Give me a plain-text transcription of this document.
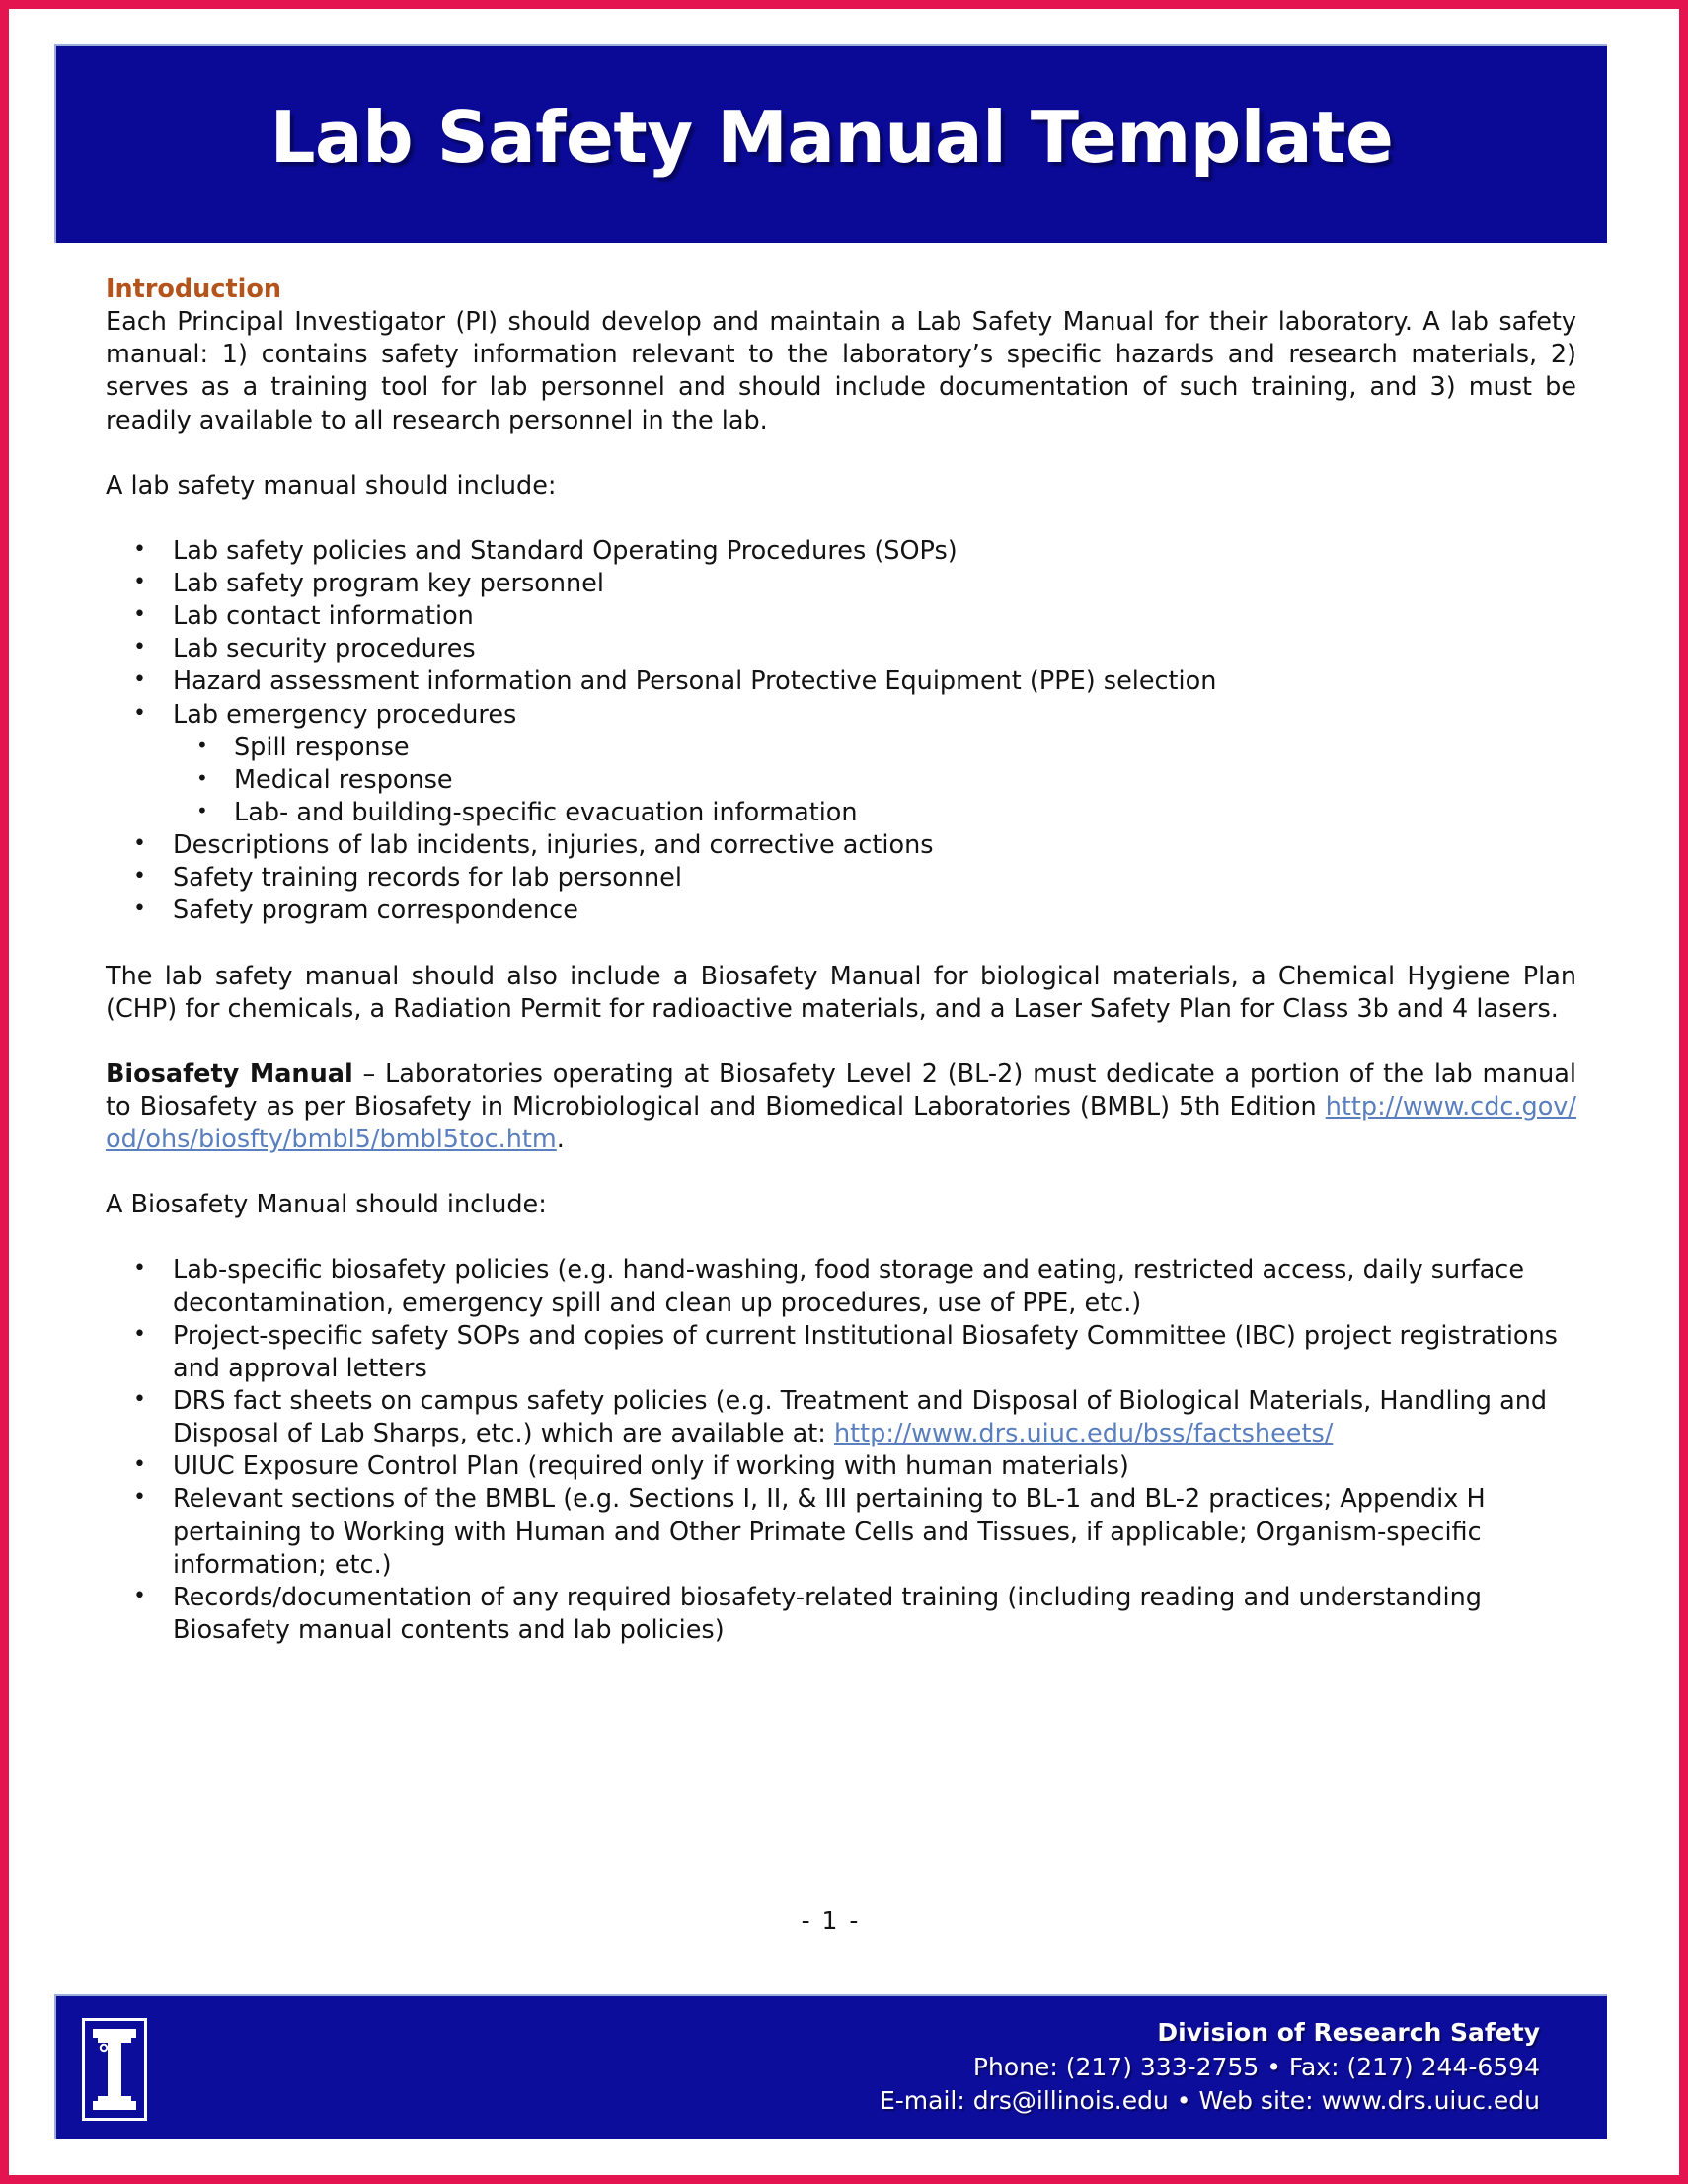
Lab Safety Manual Template

Introduction

Each Principal Investigator (PI) should develop and maintain a Lab Safety Manual for their laboratory. A lab safety manual: 1) contains safety information relevant to the laboratory’s specific hazards and research materials, 2) serves as a training tool for lab personnel and should include documentation of such training, and 3) must be readily available to all research personnel in the lab.

A lab safety manual should include:

• Lab safety policies and Standard Operating Procedures (SOPs)
• Lab safety program key personnel
• Lab contact information
• Lab security procedures
• Hazard assessment information and Personal Protective Equipment (PPE) selection
• Lab emergency procedures
• Spill response
• Medical response
• Lab- and building-specific evacuation information
• Descriptions of lab incidents, injuries, and corrective actions
• Safety training records for lab personnel
• Safety program correspondence

The lab safety manual should also include a Biosafety Manual for biological materials, a Chemical Hygiene Plan (CHP) for chemicals, a Radiation Permit for radioactive materials, and a Laser Safety Plan for Class 3b and 4 lasers.

Biosafety Manual – Laboratories operating at Biosafety Level 2 (BL-2) must dedicate a portion of the lab manual to Biosafety as per Biosafety in Microbiological and Biomedical Laboratories (BMBL) 5th Edition http://www.cdc.gov/od/ohs/biosfty/bmbl5/bmbl5toc.htm.

A Biosafety Manual should include:

• Lab-specific biosafety policies (e.g. hand-washing, food storage and eating, restricted access, daily surface decontamination, emergency spill and clean up procedures, use of PPE, etc.)
• Project-specific safety SOPs and copies of current Institutional Biosafety Committee (IBC) project registrations and approval letters
• DRS fact sheets on campus safety policies (e.g. Treatment and Disposal of Biological Materials, Handling and Disposal of Lab Sharps, etc.) which are available at: http://www.drs.uiuc.edu/bss/factsheets/
• UIUC Exposure Control Plan (required only if working with human materials)
• Relevant sections of the BMBL (e.g. Sections I, II, & III pertaining to BL-1 and BL-2 practices; Appendix H pertaining to Working with Human and Other Primate Cells and Tissues, if applicable; Organism-specific information; etc.)
• Records/documentation of any required biosafety-related training (including reading and understanding Biosafety manual contents and lab policies)
- 1 -
Division of Research Safety
Phone: (217) 333-2755 • Fax: (217) 244-6594
E-mail: drs@illinois.edu • Web site: www.drs.uiuc.edu
